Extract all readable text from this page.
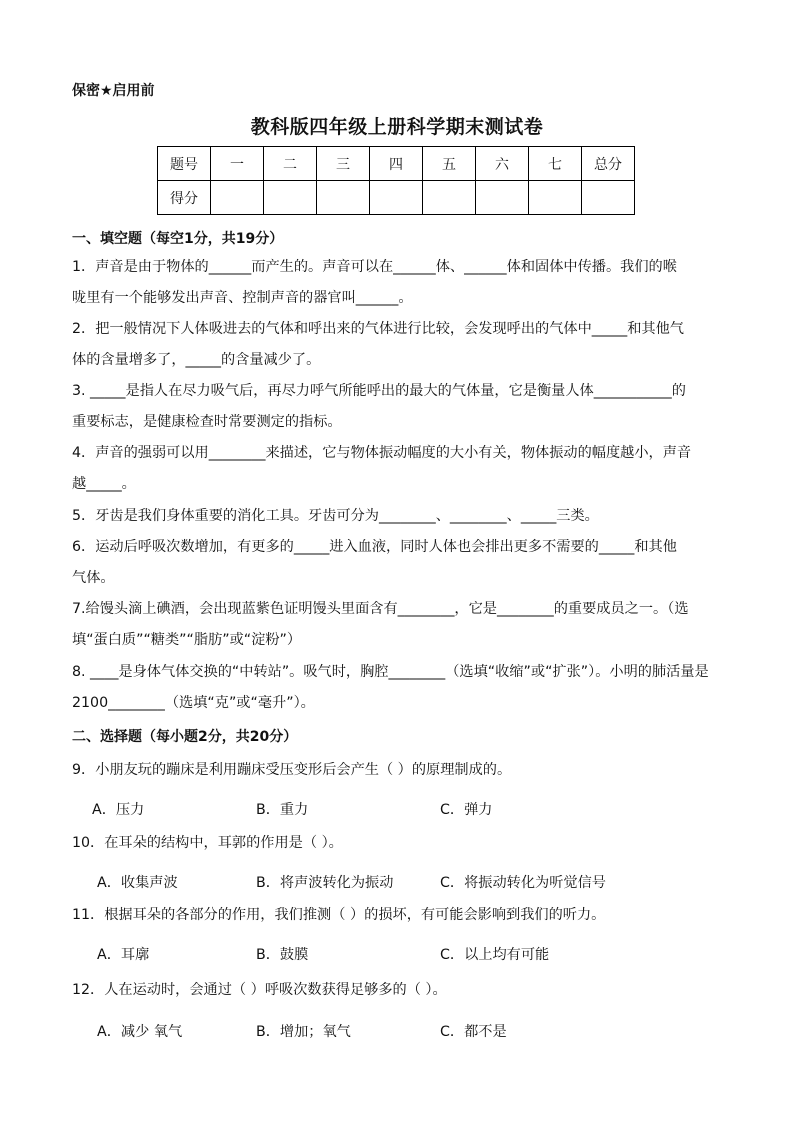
保密★启用前
教科版四年级上册科学期末测试卷
题号	一	二	三	四	五	六	七	总分
得分								
一、填空题（每空1分，共19分）
1．声音是由于物体的______而产生的。声音可以在______体、______体和固体中传播。我们的喉
咙里有一个能够发出声音、控制声音的器官叫______。
2．把一般情况下人体吸进去的气体和呼出来的气体进行比较，会发现呼出的气体中_____和其他气
体的含量增多了，_____的含量减少了。
3. _____是指人在尽力吸气后，再尽力呼气所能呼出的最大的气体量，它是衡量人体___________的
重要标志，是健康检查时常要测定的指标。
4．声音的强弱可以用________来描述，它与物体振动幅度的大小有关，物体振动的幅度越小，声音
越_____。
5．牙齿是我们身体重要的消化工具。牙齿可分为________、________、_____三类。
6．运动后呼吸次数增加，有更多的_____进入血液，同时人体也会排出更多不需要的_____和其他
气体。
7.给馒头滴上碘酒，会出现蓝紫色证明馒头里面含有________，它是________的重要成员之一。（选
填“蛋白质”“糖类”“脂肪”或“淀粉”）
8. ____是身体气体交换的“中转站”。吸气时，胸腔________（选填“收缩”或“扩张”）。小明的肺活量是
2100________（选填“克”或“毫升”）。
二、选择题（每小题2分，共20分）
9．小朋友玩的蹦床是利用蹦床受压变形后会产生（ ）的原理制成的。
A．压力	B．重力	C．弹力
10．在耳朵的结构中，耳郭的作用是（ ）。
A．收集声波	B．将声波转化为振动	C．将振动转化为听觉信号
11．根据耳朵的各部分的作用，我们推测（ ）的损坏，有可能会影响到我们的听力。
A．耳廓	B．鼓膜	C．以上均有可能
12．人在运动时，会通过（ ）呼吸次数获得足够多的（ ）。
A．减少 氧气	B．增加；氧气	C．都不是
